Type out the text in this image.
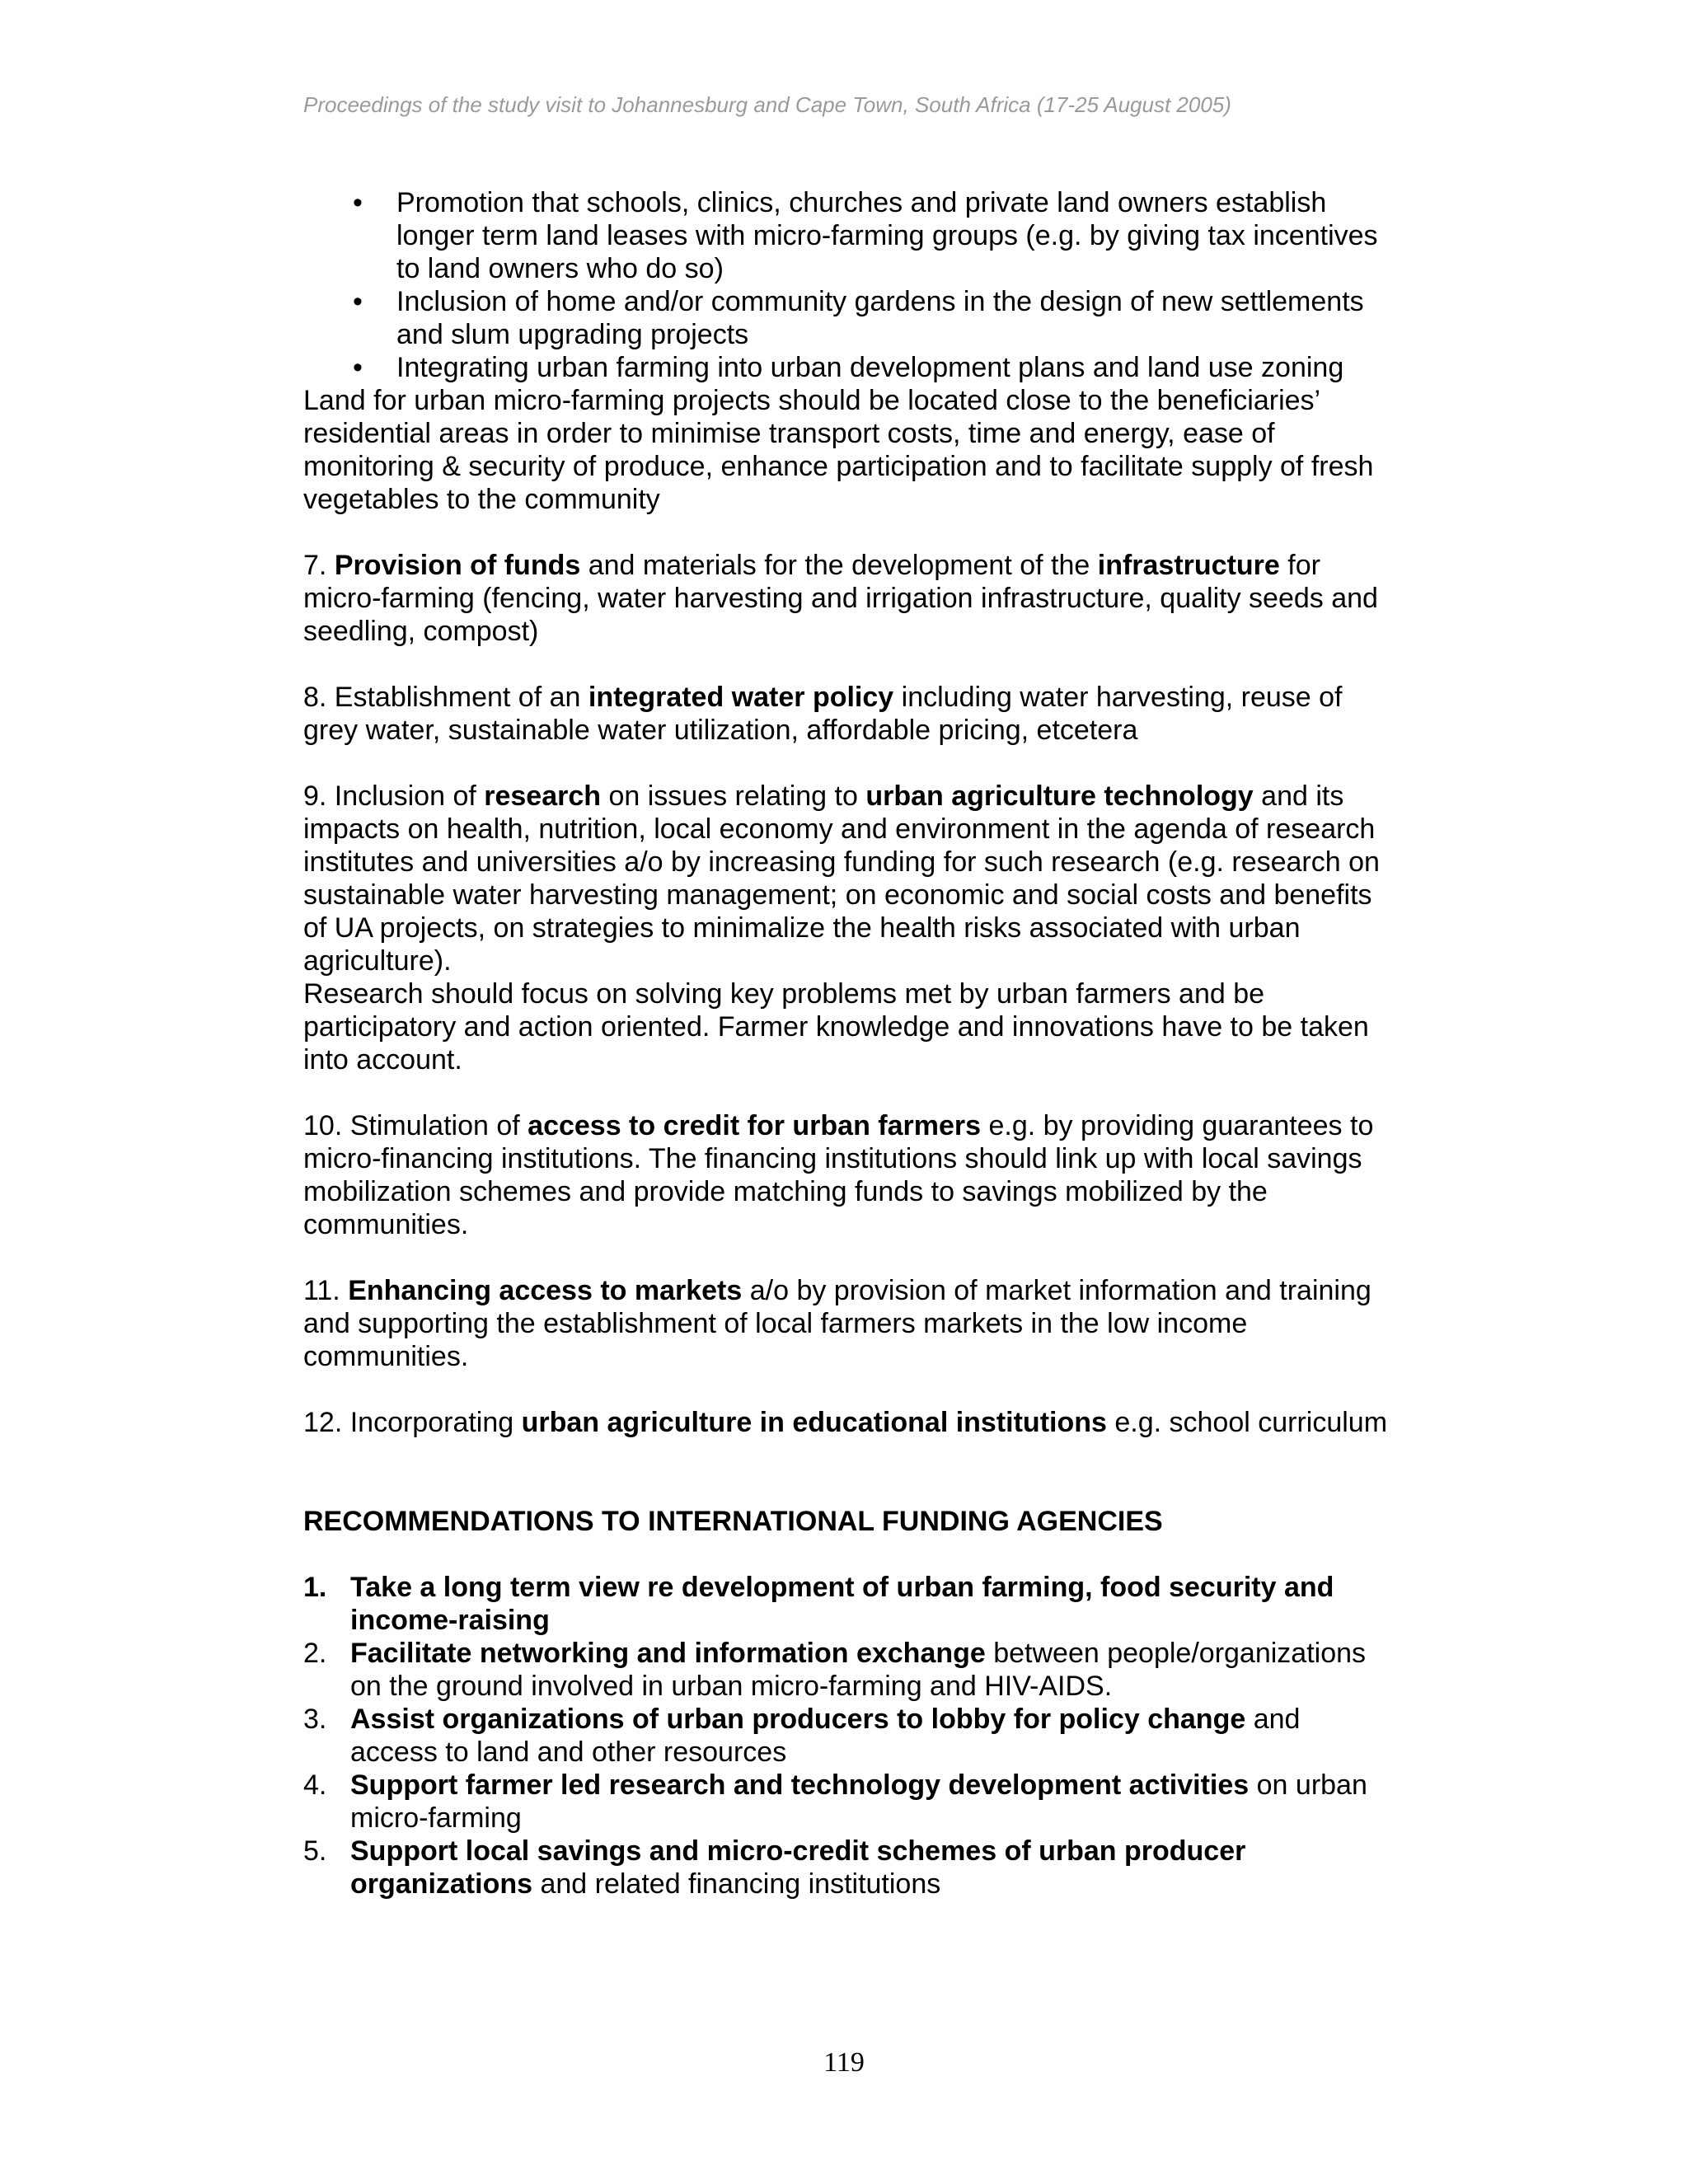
Proceedings of the study visit to Johannesburg and Cape Town, South Africa (17-25 August 2005)
• Promotion that schools, clinics, churches and private land owners establish longer term land leases with micro-farming groups (e.g. by giving tax incentives to land owners who do so)
• Inclusion of home and/or community gardens in the design of new settlements and slum upgrading projects
• Integrating urban farming into urban development plans and land use zoning

Land for urban micro-farming projects should be located close to the beneficiaries’ residential areas in order to minimise transport costs, time and energy, ease of monitoring & security of produce, enhance participation and to facilitate supply of fresh vegetables to the community

7. Provision of funds and materials for the development of the infrastructure for micro-farming (fencing, water harvesting and irrigation infrastructure, quality seeds and seedling, compost)

8. Establishment of an integrated water policy including water harvesting, reuse of grey water, sustainable water utilization, affordable pricing, etcetera

9. Inclusion of research on issues relating to urban agriculture technology and its impacts on health, nutrition, local economy and environment in the agenda of research institutes and universities a/o by increasing funding for such research (e.g. research on sustainable water harvesting management; on economic and social costs and benefits of UA projects, on strategies to minimalize the health risks associated with urban agriculture).

Research should focus on solving key problems met by urban farmers and be participatory and action oriented. Farmer knowledge and innovations have to be taken into account.

10. Stimulation of access to credit for urban farmers e.g. by providing guarantees to micro-financing institutions. The financing institutions should link up with local savings mobilization schemes and provide matching funds to savings mobilized by the communities.

11. Enhancing access to markets a/o by provision of market information and training and supporting the establishment of local farmers markets in the low income communities.

12. Incorporating urban agriculture in educational institutions e.g. school curriculum

RECOMMENDATIONS TO INTERNATIONAL FUNDING AGENCIES

1. Take a long term view re development of urban farming, food security and income-raising
2. Facilitate networking and information exchange between people/organizations on the ground involved in urban micro-farming and HIV-AIDS.
3. Assist organizations of urban producers to lobby for policy change and access to land and other resources
4. Support farmer led research and technology development activities on urban micro-farming
5. Support local savings and micro-credit schemes of urban producer organizations and related financing institutions
119
